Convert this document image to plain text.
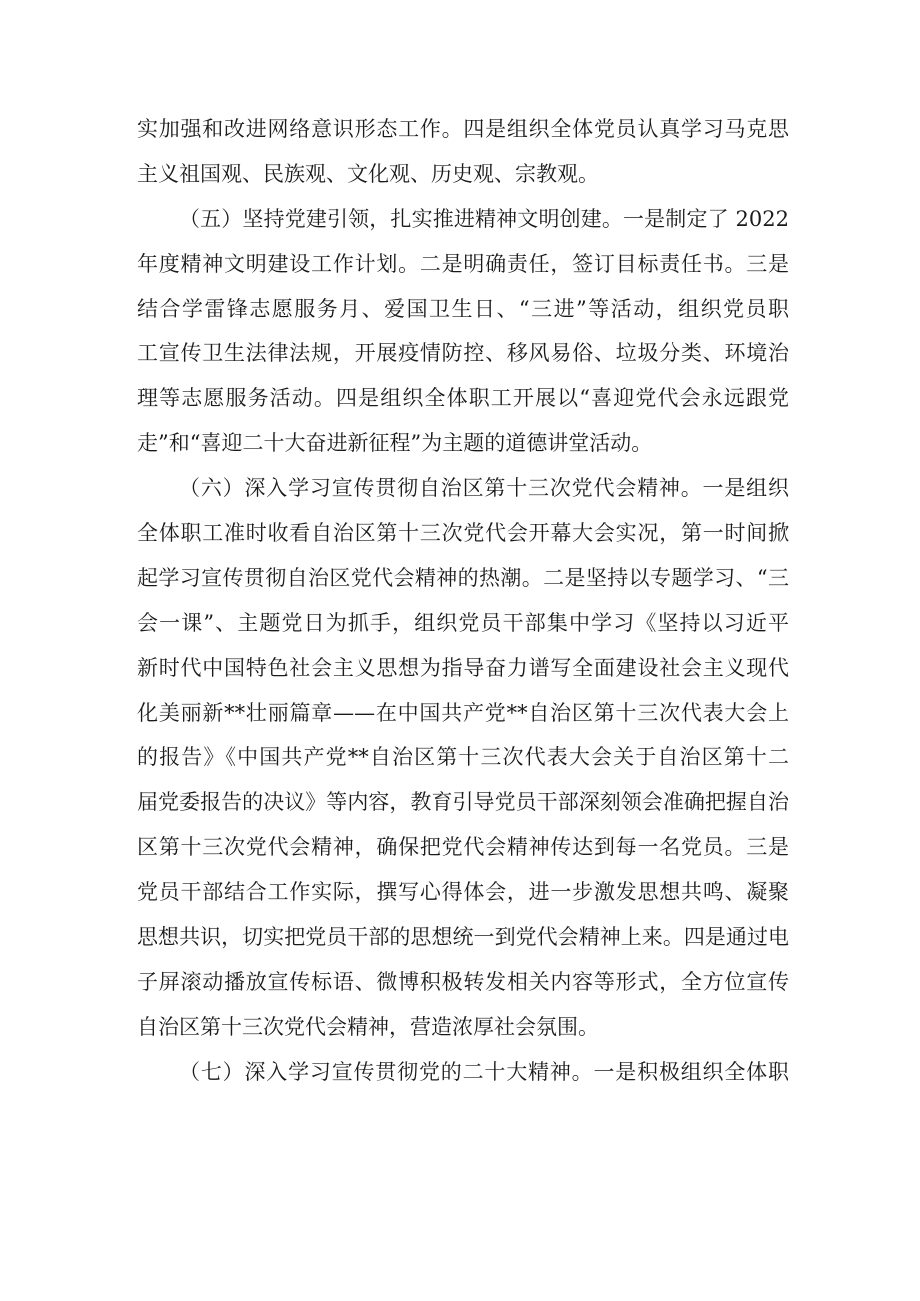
实加强和改进网络意识形态工作。四是组织全体党员认真学习马克思
主义祖国观、民族观、文化观、历史观、宗教观。
（五）坚持党建引领，扎实推进精神文明创建。一是制定了 2022
年度精神文明建设工作计划。二是明确责任，签订目标责任书。三是
结合学雷锋志愿服务月、爱国卫生日、“三进”等活动，组织党员职
工宣传卫生法律法规，开展疫情防控、移风易俗、垃圾分类、环境治
理等志愿服务活动。四是组织全体职工开展以“喜迎党代会永远跟党
走”和“喜迎二十大奋进新征程”为主题的道德讲堂活动。
（六）深入学习宣传贯彻自治区第十三次党代会精神。一是组织
全体职工准时收看自治区第十三次党代会开幕大会实况，第一时间掀
起学习宣传贯彻自治区党代会精神的热潮。二是坚持以专题学习、“三
会一课”、主题党日为抓手，组织党员干部集中学习《坚持以习近平
新时代中国特色社会主义思想为指导奋力谱写全面建设社会主义现代
化美丽新**壮丽篇章——在中国共产党**自治区第十三次代表大会上
的报告》《中国共产党**自治区第十三次代表大会关于自治区第十二
届党委报告的决议》等内容，教育引导党员干部深刻领会准确把握自治
区第十三次党代会精神，确保把党代会精神传达到每一名党员。三是
党员干部结合工作实际，撰写心得体会，进一步激发思想共鸣、凝聚
思想共识，切实把党员干部的思想统一到党代会精神上来。四是通过电
子屏滚动播放宣传标语、微博积极转发相关内容等形式，全方位宣传
自治区第十三次党代会精神，营造浓厚社会氛围。
（七）深入学习宣传贯彻党的二十大精神。一是积极组织全体职
